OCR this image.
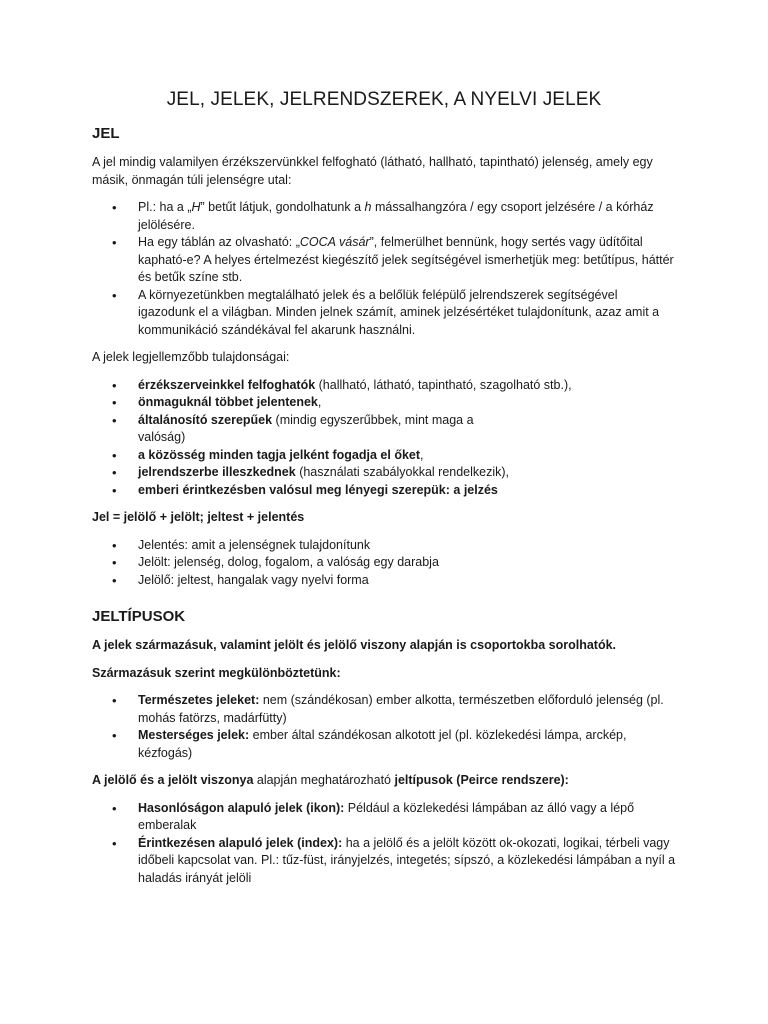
JEL, JELEK, JELRENDSZEREK, A NYELVI JELEK
JEL

A jel mindig valamilyen érzékszervünkkel felfogható (látható, hallható, tapintható) jelenség, amely egy másik, önmagán túli jelenségre utal:

• Pl.: ha a „H” betűt látjuk, gondolhatunk a h mássalhangzóra / egy csoport jelzésére / a kórház jelölésére.
• Ha egy táblán az olvasható: „COCA vásár”, felmerülhet bennünk, hogy sertés vagy üdítőital kapható-e? A helyes értelmezést kiegészítő jelek segítségével ismerhetjük meg: betűtípus, háttér és betűk színe stb.
• A környezetünkben megtalálható jelek és a belőlük felépülő jelrendszerek segítségével igazodunk el a világban. Minden jelnek számít, aminek jelzésértéket tulajdonítunk, azaz amit a kommunikáció szándékával fel akarunk használni.

A jelek legjellemzőbb tulajdonságai:

• érzékszerveinkkel felfoghatók (hallható, látható, tapintható, szagolható stb.),
• önmaguknál többet jelentenek,
• általánosító szerepűek (mindig egyszerűbbek, mint maga a valóság)
• a közösség minden tagja jelként fogadja el őket,
• jelrendszerbe illeszkednek (használati szabályokkal rendelkezik),
• emberi érintkezésben valósul meg lényegi szerepük: a jelzés

Jel = jelölő + jelölt; jeltest + jelentés

• Jelentés: amit a jelenségnek tulajdonítunk
• Jelölt: jelenség, dolog, fogalom, a valóság egy darabja
• Jelölő: jeltest, hangalak vagy nyelvi forma
JELTÍPUSOK

A jelek származásuk, valamint jelölt és jelölő viszony alapján is csoportokba sorolhatók.

Származásuk szerint megkülönböztetünk:

• Természetes jeleket: nem (szándékosan) ember alkotta, természetben előforduló jelenség (pl. mohás fatörzs, madárfütty)
• Mesterséges jelek: ember által szándékosan alkotott jel (pl. közlekedési lámpa, arckép, kézfogás)

A jelölő és a jelölt viszonya alapján meghatározható jeltípusok (Peirce rendszere):

• Hasonlóságon alapuló jelek (ikon): Például a közlekedési lámpában az álló vagy a lépő emberalak
• Érintkezésen alapuló jelek (index): ha a jelölő és a jelölt között ok-okozati, logikai, térbeli vagy időbeli kapcsolat van. Pl.: tűz-füst, irányjelzés, integetés; sípszó, a közlekedési lámpában a nyíl a haladás irányát jelöli
